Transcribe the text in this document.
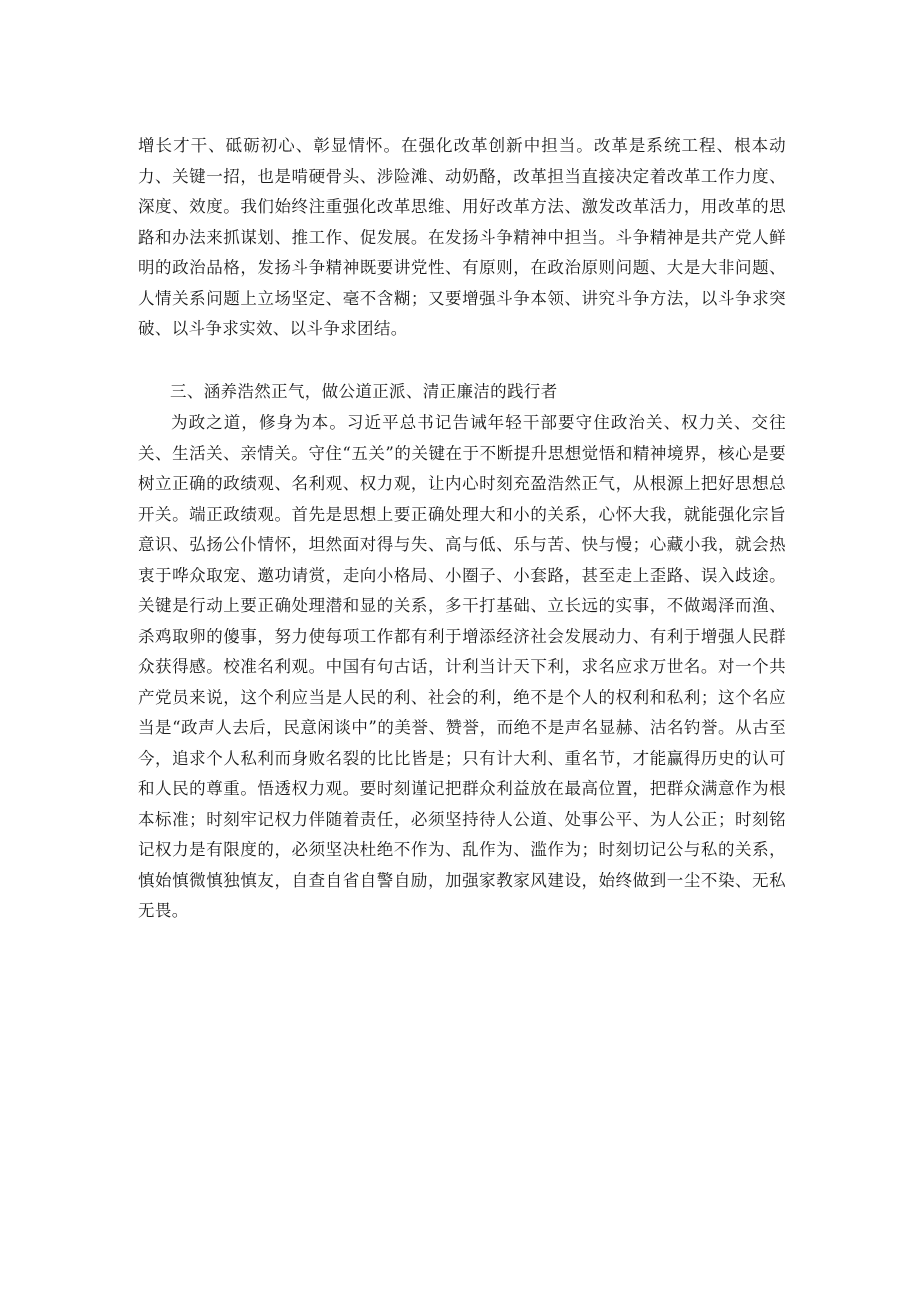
增长才干、砥砺初心、彰显情怀。在强化改革创新中担当。改革是系统工程、根本动力、关键一招，也是啃硬骨头、涉险滩、动奶酪，改革担当直接决定着改革工作力度、深度、效度。我们始终注重强化改革思维、用好改革方法、激发改革活力，用改革的思路和办法来抓谋划、推工作、促发展。在发扬斗争精神中担当。斗争精神是共产党人鲜明的政治品格，发扬斗争精神既要讲党性、有原则，在政治原则问题、大是大非问题、人情关系问题上立场坚定、毫不含糊；又要增强斗争本领、讲究斗争方法，以斗争求突破、以斗争求实效、以斗争求团结。

三、涵养浩然正气，做公道正派、清正廉洁的践行者

为政之道，修身为本。习近平总书记告诫年轻干部要守住政治关、权力关、交往关、生活关、亲情关。守住“五关”的关键在于不断提升思想觉悟和精神境界，核心是要树立正确的政绩观、名利观、权力观，让内心时刻充盈浩然正气，从根源上把好思想总开关。端正政绩观。首先是思想上要正确处理大和小的关系，心怀大我，就能强化宗旨意识、弘扬公仆情怀，坦然面对得与失、高与低、乐与苦、快与慢；心藏小我，就会热衷于哗众取宠、邀功请赏，走向小格局、小圈子、小套路，甚至走上歪路、误入歧途。关键是行动上要正确处理潜和显的关系，多干打基础、立长远的实事，不做竭泽而渔、杀鸡取卵的傻事，努力使每项工作都有利于增添经济社会发展动力、有利于增强人民群众获得感。校准名利观。中国有句古话，计利当计天下利，求名应求万世名。对一个共产党员来说，这个利应当是人民的利、社会的利，绝不是个人的权利和私利；这个名应当是“政声人去后，民意闲谈中”的美誉、赞誉，而绝不是声名显赫、沽名钓誉。从古至今，追求个人私利而身败名裂的比比皆是；只有计大利、重名节，才能赢得历史的认可和人民的尊重。悟透权力观。要时刻谨记把群众利益放在最高位置，把群众满意作为根本标准；时刻牢记权力伴随着责任，必须坚持待人公道、处事公平、为人公正；时刻铭记权力是有限度的，必须坚决杜绝不作为、乱作为、滥作为；时刻切记公与私的关系，慎始慎微慎独慎友，自查自省自警自励，加强家教家风建设，始终做到一尘不染、无私无畏。
